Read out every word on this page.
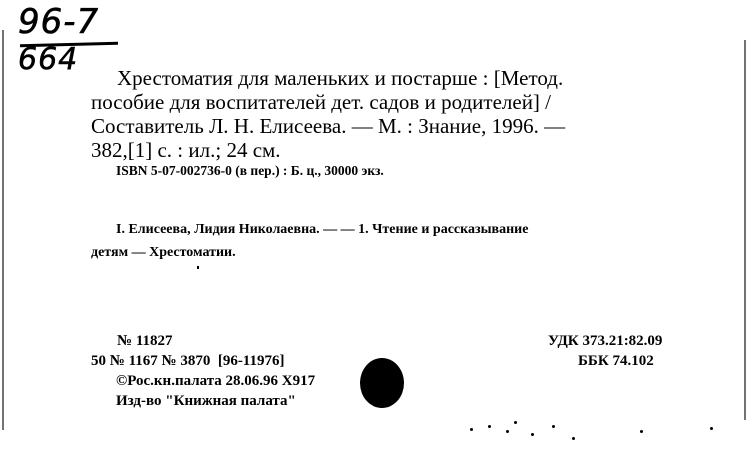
96-7
664
Хрестоматия для маленьких и постарше : [Метод.
пособие для воспитателей дет. садов и родителей] /
Составитель Л. Н. Елисеева. — М. : Знание, 1996. —
382,[1] с. : ил.; 24 см.
ISBN 5-07-002736-0 (в пер.) : Б. ц., 30000 экз.
I. Елисеева, Лидия Николаевна. — — 1. Чтение и рассказывание
детям — Хрестоматии.
№ 11827
50 № 1167 № 3870  [96-11976]
©Рос.кн.палата 28.06.96 X917
Изд-во "Книжная палата"
УДК 373.21:82.09
ББК 74.102
